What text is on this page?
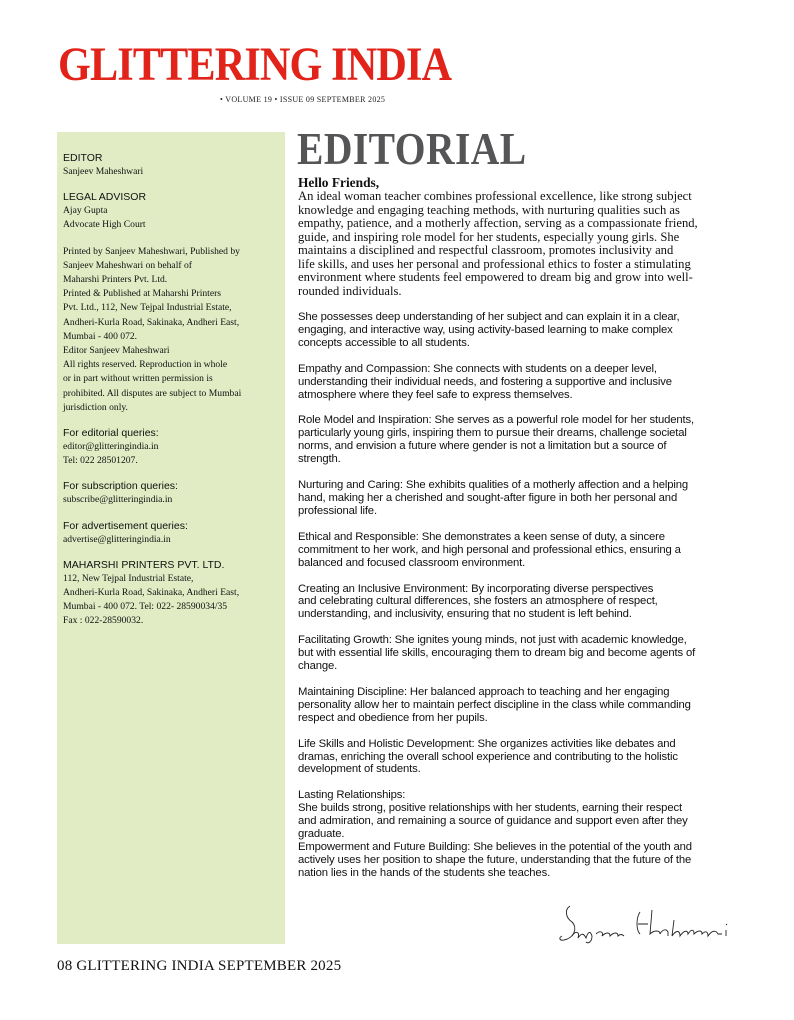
GLITTERING INDIA
• VOLUME 19 • ISSUE 09 SEPTEMBER 2025
EDITOR
Sanjeev Maheshwari
LEGAL ADVISOR
Ajay Gupta
Advocate High Court
Printed by Sanjeev Maheshwari, Published by
Sanjeev Maheshwari on behalf of
Maharshi Printers Pvt. Ltd.
Printed & Published at Maharshi Printers
Pvt. Ltd., 112, New Tejpal Industrial Estate,
Andheri-Kurla Road, Sakinaka, Andheri East,
Mumbai - 400 072.
Editor Sanjeev Maheshwari
All rights reserved. Reproduction in whole
or in part without written permission is
prohibited. All disputes are subject to Mumbai
jurisdiction only.
For editorial queries:
editor@glitteringindia.in
Tel: 022 28501207.
For subscription queries:
subscribe@glitteringindia.in
For advertisement queries:
advertise@glitteringindia.in
MAHARSHI PRINTERS PVT. LTD.
112, New Tejpal Industrial Estate,
Andheri-Kurla Road, Sakinaka, Andheri East,
Mumbai - 400 072. Tel: 022- 28590034/35
Fax : 022-28590032.
EDITORIAL
Hello Friends,
An ideal woman teacher combines professional excellence, like strong subject
knowledge and engaging teaching methods, with nurturing qualities such as
empathy, patience, and a motherly affection, serving as a compassionate friend,
guide, and inspiring role model for her students, especially young girls. She
maintains a disciplined and respectful classroom, promotes inclusivity and
life skills, and uses her personal and professional ethics to foster a stimulating
environment where students feel empowered to dream big and grow into well-
rounded individuals.
She possesses deep understanding of her subject and can explain it in a clear,
engaging, and interactive way, using activity-based learning to make complex
concepts accessible to all students.
Empathy and Compassion: She connects with students on a deeper level,
understanding their individual needs, and fostering a supportive and inclusive
atmosphere where they feel safe to express themselves.
Role Model and Inspiration: She serves as a powerful role model for her students,
particularly young girls, inspiring them to pursue their dreams, challenge societal
norms, and envision a future where gender is not a limitation but a source of
strength.
Nurturing and Caring: She exhibits qualities of a motherly affection and a helping
hand, making her a cherished and sought-after figure in both her personal and
professional life.
Ethical and Responsible: She demonstrates a keen sense of duty, a sincere
commitment to her work, and high personal and professional ethics, ensuring a
balanced and focused classroom environment.
Creating an Inclusive Environment: By incorporating diverse perspectives
and celebrating cultural differences, she fosters an atmosphere of respect,
understanding, and inclusivity, ensuring that no student is left behind.
Facilitating Growth: She ignites young minds, not just with academic knowledge,
but with essential life skills, encouraging them to dream big and become agents of
change.
Maintaining Discipline: Her balanced approach to teaching and her engaging
personality allow her to maintain perfect discipline in the class while commanding
respect and obedience from her pupils.
Life Skills and Holistic Development: She organizes activities like debates and
dramas, enriching the overall school experience and contributing to the holistic
development of students.
Lasting Relationships:
She builds strong, positive relationships with her students, earning their respect
and admiration, and remaining a source of guidance and support even after they
graduate.
Empowerment and Future Building: She believes in the potential of the youth and
actively uses her position to shape the future, understanding that the future of the
nation lies in the hands of the students she teaches.
08 GLITTERING INDIA SEPTEMBER 2025
